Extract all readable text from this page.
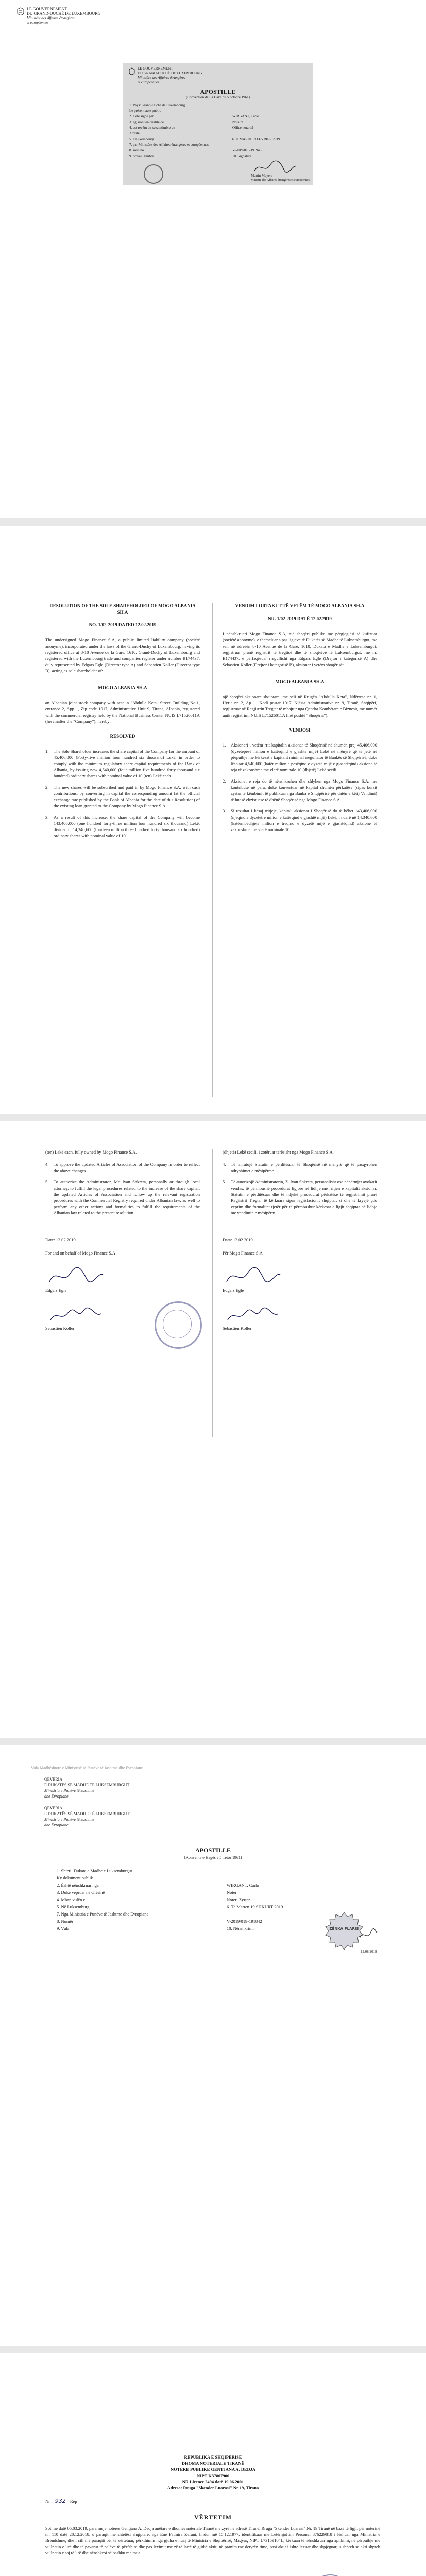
LE GOUVERNEMENT
DU GRAND-DUCHÉ DE LUXEMBOURG
Ministère des Affaires étrangères
et européennes
LE GOUVERNEMENT
DU GRAND-DUCHÉ DE LUXEMBOURG
Ministère des Affaires étrangères
et européennes
APOSTILLE
(Convention de La Haye du 5 octobre 1961)
1. Pays: Grand-Duché de Luxembourg
Le présent acte public
2. a été signé par	WIRGANT, Carlo
3. agissant en qualité de	Notaire
4. est revêtu du sceau/timbre de	Office notarial
Attesté
5. à Luxembourg	6. le MARDI 19 FEVRIER 2019
7. par Ministère des Affaires étrangères et européennes
8. sous no	V-2019/019-191943
9. Sceau / timbre	10. Signature
Martin Mayers
Ministre des Affaires étrangères et européennes
RESOLUTION OF THE SOLE SHAREHOLDER OF MOGO ALBANIA SH.A
NO. 1/02-2019 DATED 12.02.2019
The undersigned Mogo Finance S.A, a public limited liability company (société anonyme), incorporated under the laws of the Grand-Duchy of Luxembourg, having its registered office at 8-10 Avenue de la Gare, 1610, Grand-Duchy of Luxembourg and registered with the Luxembourg trade and companies register under number B174437, duly represented by Edgars Egle (Director type A) and Sebastien Koller (Director type B), acting as sole shareholder of:
MOGO ALBANIA SH.A
an Albanian joint stock company with seat in "Abdulla Keta" Street, Building No.1, entrance 2, App 1, Zip code 1017, Administrative Unit 9, Tirana, Albania, registered with the commercial registry held by the National Business Center NUIS L71526011A (hereinafter the "Company"), hereby:
RESOLVED
1. The Sole Shareholder increases the share capital of the Company for the amount of 45,406,000 (Forty-five million four hundred six thousand) Lekë, in order to comply with the minimum regulatory share capital requirements of the Bank of Albania, by issuing new 4,540,600 (four million five hundred forty thousand six hundred) ordinary shares with nominal value of 10 (ten) Lekë each.
2. The new shares will be subscribed and paid in by Mogo Finance S.A. with cash contributions, by converting in capital the corresponding amount (at the official exchange rate published by the Bank of Albania for the date of this Resolution) of the existing loan granted to the Company by Mogo Finance S.A.
3. As a result of this increase, the share capital of the Company will become 143,406,000 (one hundred forty-three million four hundred six thousand) Lekë, divided in 14,340,600 (fourteen million three hundred forty thousand six hundred) ordinary shares with nominal value of 10
VENDIM I ORTAKUT TË VETËM TË MOGO ALBANIA SH.A
NR. 1/02-2019 DATË 12.02.2019
I nënshkruari Mogo Finance S.A, një shoqëri publike me përgjegjësi të kufizuar (société anonyme), e themeluar sipas ligjeve të Dukatës së Madhe të Luksemburgut, me seli në adresën 8-10 Avenue de la Gare, 1610, Dukata e Madhe e Luksemburgut, regjistruar pranë regjistrit të tregtisë dhe të shoqërive të Luksemburgut, me nr. B174437, e përfaqësuar rregullisht nga Edgars Egle (Drejtor i kategorisë A) dhe Sebastien Koller (Drejtor i kategorisë B), aksioner i vetëm shoqërisë:
MOGO ALBANIA SH.A
një shoqëri aksionare shqiptare, me seli në Rrugën "Abdulla Keta", Ndërtesa nr. 1, Hyrja nr. 2, Ap. 1, Kodi postar 1017, Njësia Administrative nr. 9, Tiranë, Shqipëri, regjistruar në Regjistrin Tregtar të mbajtur nga Qendra Kombëtare e Biznesit, me numër unik regjistrimi NUIS L71526011A (më poshtë "Shoqëria"):
VENDOSI
1. Aksioneri i vetëm rrit kapitalin aksionar të Shoqërisë në shumën prej 45,406,000 (dyzetepesë milion e katërqind e gjashtë mijë) Lekë në mënyrë që të jetë në përputhje me kërkesat e kapitalit minimal rregullator të Bankës së Shqipërisë, duke lëshuar 4,540,600 (katër milion e pesëqind e dyzetë mijë e gjashtëqind) aksione të reja të zakonshme me vlerë nominale 10 (dhjetë) Lekë secili.
2. Aksionet e reja do të nënshkruhen dhe shlyhen nga Mogo Finance S.A. me kontribute në para, duke konvertuar në kapital shumën përkatëse (sipas kursit zyrtar të këmbimit të publikuar nga Banka e Shqipërisë për datën e këtij Vendimi) të huasë ekzistuese të dhënë Shoqërisë nga Mogo Finance S.A.
3. Si rezultat i kësaj rritjeje, kapitali aksionar i Shoqërisë do të bëhet 143,406,000 (njëqind e dyzetetre milion e katërqind e gjashtë mijë) Lekë, i ndarë në 14,340,600 (katërmbëdhjetë milion e treqind e dyzetë mijë e gjashtëqind) aksione të zakonshme me vlerë nominale 10
(ten) Lekë each, fully owned by Mogo Finance S.A.
4. To approve the updated Articles of Association of the Company in order to reflect the above changes.
5. To authorize the Administrator, Mr. Ivan Shkreta, personally or through local attorney, to fulfill the legal procedures related to the increase of the share capital, the updated Articles of Association and follow up the relevant registration procedures with the Commercial Registry required under Albanian law, as well to perform any other actions and formalities to fulfill the requirements of the Albanian law related to the present resolution.
Date: 12.02.2019
For and on behalf of Mogo Finance S.A
Edgars Egle
Sebastien Koller
(dhjetë) Lekë secili, i zotëruar tërësisht nga Mogo Finance S.A.
4. Të miratojë Statutin e përditësuar të Shoqërisë në mënyrë që të pasqyrohen ndryshimet e mësipërme.
5. Të autorizojë Administratorin, Z. Ivan Shkreta, personalisht ose nëpërmjet avokatit vendas, të përmbushë procedurat ligjore në lidhje me rritjen e kapitalit aksionar, Statutin e përditësuar dhe të ndjekë procedurat përkatëse të regjistrimit pranë Regjistrit Tregtar të kërkuara sipas legjislacionit shqiptar, si dhe të kryejë çdo veprim dhe formalitet tjetër për të përmbushur kërkesat e ligjit shqiptar në lidhje me vendimin e mësipërm.
Data: 12.02.2019
Për Mogo Finance S.A
Edgars Egle
Sebastien Koller
Vula Madhështore e Ministrisë së Punëve të Jashtme dhe Evropiane
QEVERIA
E DUKATËS SË MADHE TË LUKSEMBURGUT
Ministria e Punëve të Jashtme
dhe Evropiane
QEVERIA
E DUKATËS SË MADHE TË LUKSEMBURGUT
Ministria e Punëve të Jashtme
dhe Evropiane
APOSTILLE
(Konventa e Hagës e 5 Tetor 1961)
1. Shteti: Dukata e Madhe e Luksemburgut
Ky dokument publik
2. Është nënshkruar nga	WIRGANT, Carlo
3. Duke vepruar në cilësinë	Noter
4. Mban vulën e	Noteri Zyrtar
5. Në Luksemburg	6. Të Marten 19 SHKURT 2019
7. Nga Ministria e Punëve të Jashtme dhe Evropiane
8. Numër	V-2019/019-191842
9. Vula	10. Nënshkrimi	ZËNKA PLARIS
12.08.2019
REPUBLIKA E SHQIPËRISË
DHOMA NOTERIALE TIRANË
NOTERE PUBLIKE GENTJANA A. DEDJA
NIPT K37807906
NR Licence 2494 datë 19.06.2001
Adresa: Rruga "Skender Luarasi" Nr 19, Tirana
Nr. 932 Rep
VËRTETIM
Sot me datë 05.03.2019, para meje noteres Gentjana A. Dedja anëtare e dhomës noteriale Tiranë me zyrë në adresë Tiranë, Rruga "Skender Luarasi" Nr. 19 Tiranë në bazë të ligjit për noterinë nr. 110 datë 20.12.2018, u paraqit me shtetësi shqiptare, nga Ene Fatmira Zefuni, lindur më 15.12.1977, identifikuar me Letërnjoftim Personal 876229818 i lëshuar nga Ministria e Brendshme, dhe i cili më paraqiti për të vërtetuar, përkthimin nga gjuha e huaj të Ministria e Shqipërisë, Magyar, NIPT L73159104L, kërkuan të nënshkruar nga aplikimi, në përputhje me vullnetin e lirë dhe të pavarur të palëve të përfshira dhe pas leximit me zë të lartë të gjithë aktit, në pranim me detyrën time, pasi aktit i ishte lexuar dhe shpjeguar, u shpreh se akti shpreh vullnetin e saj të lirë dhe nënshkroi së bashku me mua.
